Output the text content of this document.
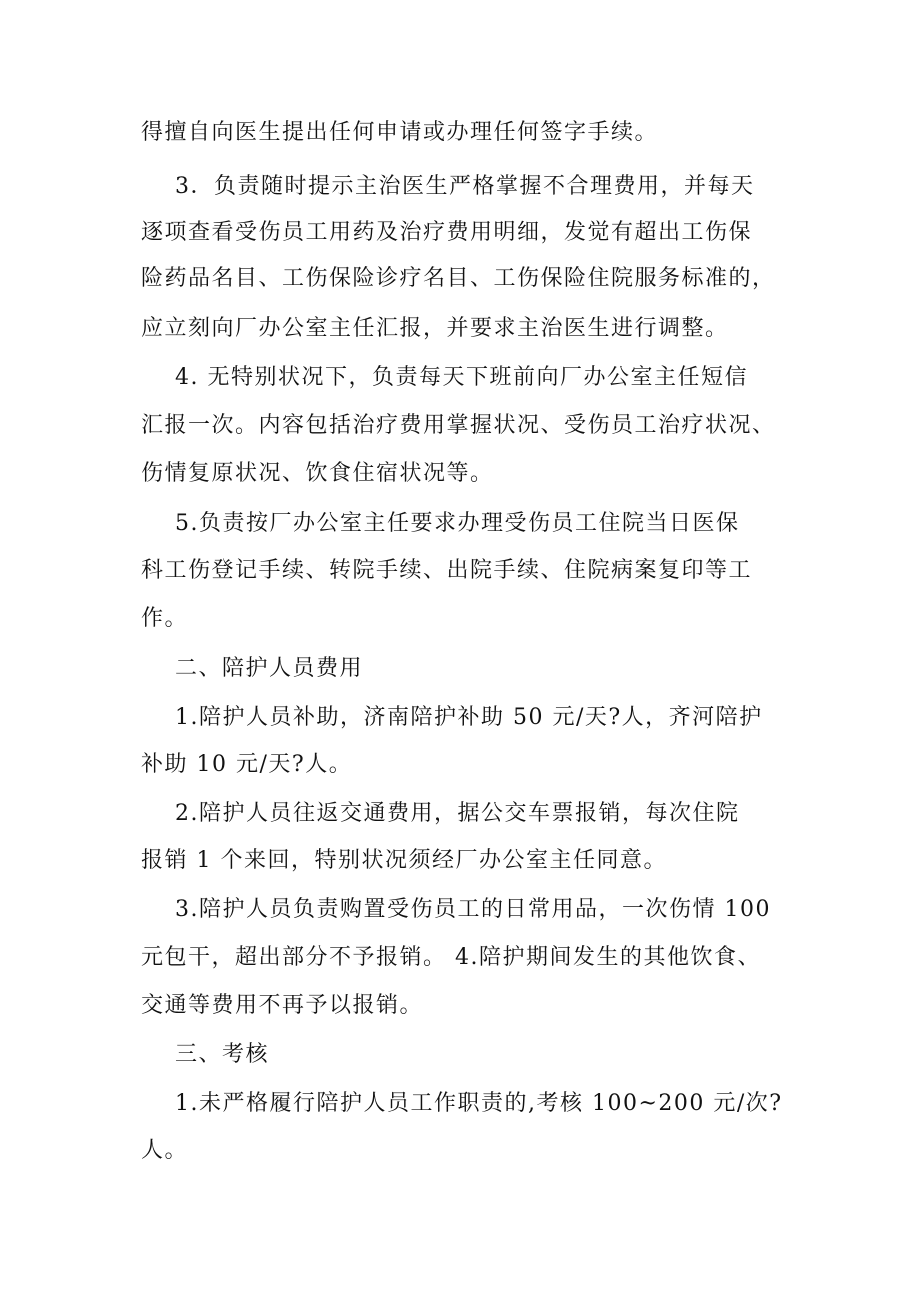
得擅自向医生提出任何申请或办理任何签字手续。

3．负责随时提示主治医生严格掌握不合理费用，并每天

逐项查看受伤员工用药及治疗费用明细，发觉有超出工伤保

险药品名目、工伤保险诊疗名目、工伤保险住院服务标准的，

应立刻向厂办公室主任汇报，并要求主治医生进行调整。

4. 无特别状况下，负责每天下班前向厂办公室主任短信

汇报一次。内容包括治疗费用掌握状况、受伤员工治疗状况、

伤情复原状况、饮食住宿状况等。

5.负责按厂办公室主任要求办理受伤员工住院当日医保

科工伤登记手续、转院手续、出院手续、住院病案复印等工

作。

二、陪护人员费用

1.陪护人员补助，济南陪护补助 50 元/天?人，齐河陪护

补助 10 元/天?人。

2.陪护人员往返交通费用，据公交车票报销，每次住院

报销 1 个来回，特别状况须经厂办公室主任同意。

3.陪护人员负责购置受伤员工的日常用品，一次伤情 100

元包干，超出部分不予报销。 4.陪护期间发生的其他饮食、

交通等费用不再予以报销。

三、考核

1.未严格履行陪护人员工作职责的,考核 100~200 元/次?

人。
